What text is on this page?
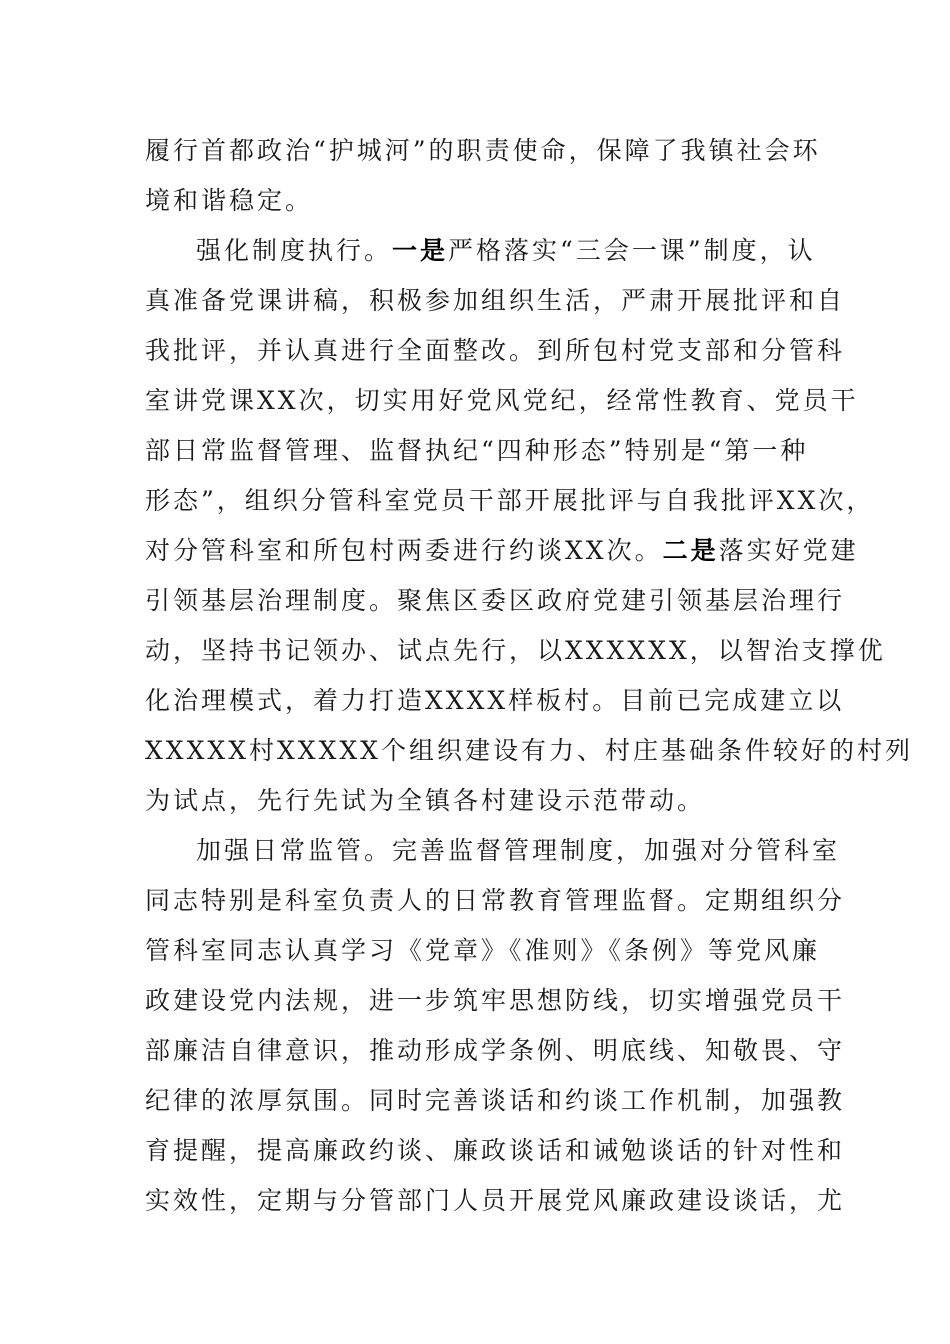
履行首都政治“护城河”的职责使命，保障了我镇社会环
境和谐稳定。
强化制度执行。一是严格落实“三会一课”制度，认
真准备党课讲稿，积极参加组织生活，严肃开展批评和自
我批评，并认真进行全面整改。到所包村党支部和分管科
室讲党课XX次，切实用好党风党纪，经常性教育、党员干
部日常监督管理、监督执纪“四种形态”特别是“第一种
形态”，组织分管科室党员干部开展批评与自我批评XX次，
对分管科室和所包村两委进行约谈XX次。二是落实好党建
引领基层治理制度。聚焦区委区政府党建引领基层治理行
动，坚持书记领办、试点先行，以XXXXXX，以智治支撑优
化治理模式，着力打造XXXX样板村。目前已完成建立以
XXXXX村XXXXX个组织建设有力、村庄基础条件较好的村列
为试点，先行先试为全镇各村建设示范带动。
加强日常监管。完善监督管理制度，加强对分管科室
同志特别是科室负责人的日常教育管理监督。定期组织分
管科室同志认真学习《党章》《准则》《条例》等党风廉
政建设党内法规，进一步筑牢思想防线，切实增强党员干
部廉洁自律意识，推动形成学条例、明底线、知敬畏、守
纪律的浓厚氛围。同时完善谈话和约谈工作机制，加强教
育提醒，提高廉政约谈、廉政谈话和诫勉谈话的针对性和
实效性，定期与分管部门人员开展党风廉政建设谈话，尤
